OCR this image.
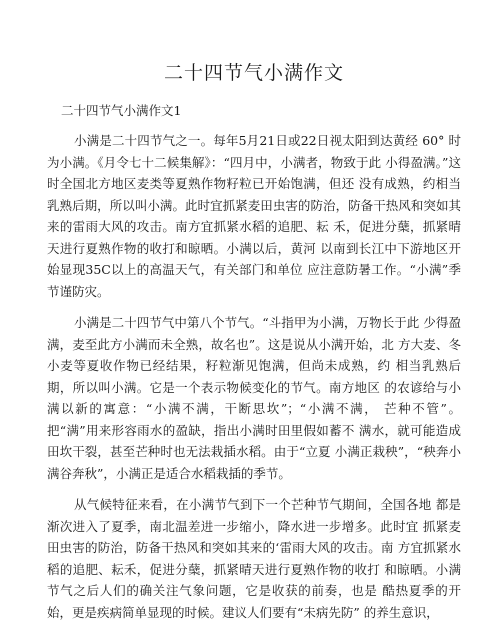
二十四节气小满作文
二十四节气小满作文1

小满是二十四节气之一。每年5月21日或22日视太阳到达黄经 60° 时为小满。《月令七十二候集解》：“四月中，小满者，物致于此 小得盈满。”这时全国北方地区麦类等夏熟作物籽粒已开始饱满，但还 没有成熟，约相当乳熟后期，所以叫小满。此时宜抓紧麦田虫害的防治，防备干热风和突如其来的雷雨大风的攻击。南方宜抓紧水稻的追肥、耘 禾，促进分蘖，抓紧晴天进行夏熟作物的收打和晾晒。小满以后，黄河 以南到长江中下游地区开始显现35C以上的高温天气，有关部门和单位 应注意防暑工作。“小满”季节谨防灾。

小满是二十四节气中第八个节气。“斗指甲为小满，万物长于此 少得盈满，麦至此方小满而未全熟，故名也”。这是说从小满开始，北 方大麦、冬小麦等夏收作物已经结果，籽粒渐见饱满，但尚未成熟，约 相当乳熟后期，所以叫小满。它是一个表示物候变化的节气。南方地区 的农谚给与小满以新的寓意：“小满不满，干断思坎”；“小满不满， 芒种不管”。把“满”用来形容雨水的盈缺，指出小满时田里假如蓄不 满水，就可能造成田坎干裂，甚至芒种时也无法栽插水稻。由于“立夏 小满正栽秧”，“秧奔小满谷奔秋”，小满正是适合水稻栽插的季节。

从气候特征来看，在小满节气到下一个芒种节气期间，全国各地 都是渐次进入了夏季，南北温差进一步缩小，降水进一步增多。此时宜 抓紧麦田虫害的防治，防备干热风和突如其来的‘雷雨大风的攻击。南 方宜抓紧水稻的追肥、耘禾，促进分蘖，抓紧晴天进行夏熟作物的收打 和晾晒。小满节气之后人们的确关注气象问题，它是收获的前奏，也是 酷热夏季的开始，更是疾病简单显现的时候。建议人们要有“未病先防” 的养生意识，
